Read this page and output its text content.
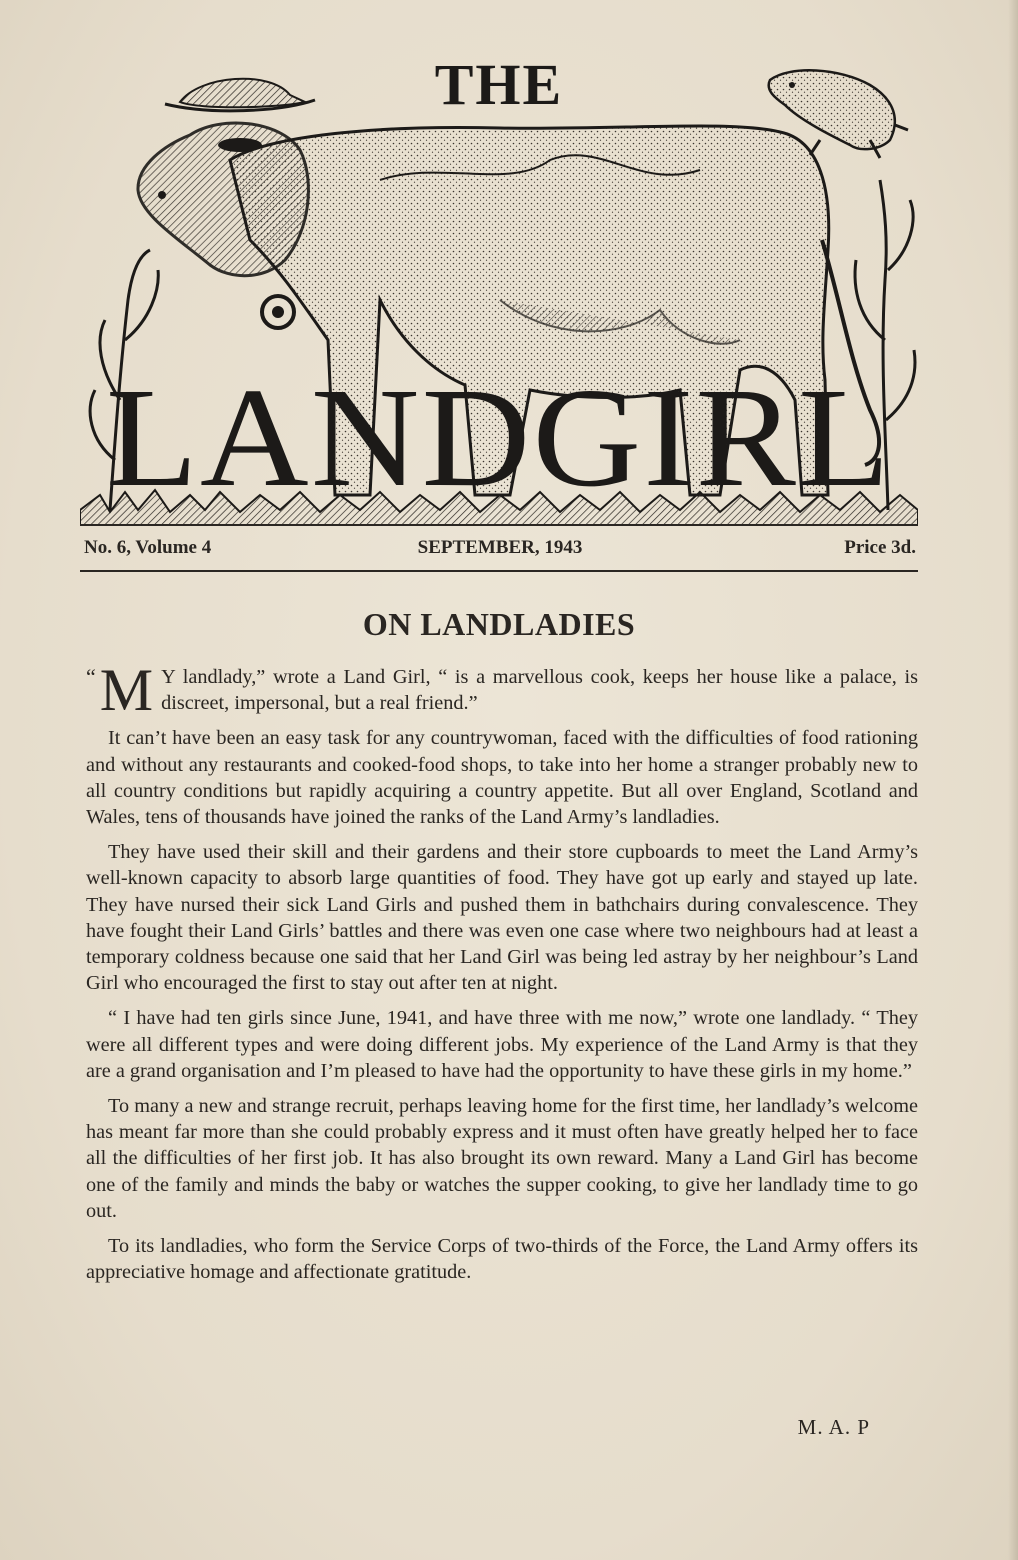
THE
LANDGIRL
No. 6, Volume 4	SEPTEMBER, 1943	Price 3d.
ON LANDLADIES

“ M Y landlady,” wrote a Land Girl, “ is a marvellous cook, keeps her house like a palace, is discreet, impersonal, but a real friend.”

It can’t have been an easy task for any countrywoman, faced with the difficulties of food rationing and without any restaurants and cooked-food shops, to take into her home a stranger probably new to all country conditions but rapidly acquiring a country appetite. But all over England, Scotland and Wales, tens of thousands have joined the ranks of the Land Army’s landladies.

They have used their skill and their gardens and their store cupboards to meet the Land Army’s well-known capacity to absorb large quantities of food. They have got up early and stayed up late. They have nursed their sick Land Girls and pushed them in bathchairs during convalescence. They have fought their Land Girls’ battles and there was even one case where two neighbours had at least a temporary coldness because one said that her Land Girl was being led astray by her neighbour’s Land Girl who encouraged the first to stay out after ten at night.

“ I have had ten girls since June, 1941, and have three with me now,” wrote one landlady. “ They were all different types and were doing different jobs. My experience of the Land Army is that they are a grand organisation and I’m pleased to have had the opportunity to have these girls in my home.”

To many a new and strange recruit, perhaps leaving home for the first time, her landlady’s welcome has meant far more than she could probably express and it must often have greatly helped her to face all the difficulties of her first job. It has also brought its own reward. Many a Land Girl has become one of the family and minds the baby or watches the supper cooking, to give her landlady time to go out.

To its landladies, who form the Service Corps of two-thirds of the Force, the Land Army offers its appreciative homage and affectionate gratitude.

M. A. P
